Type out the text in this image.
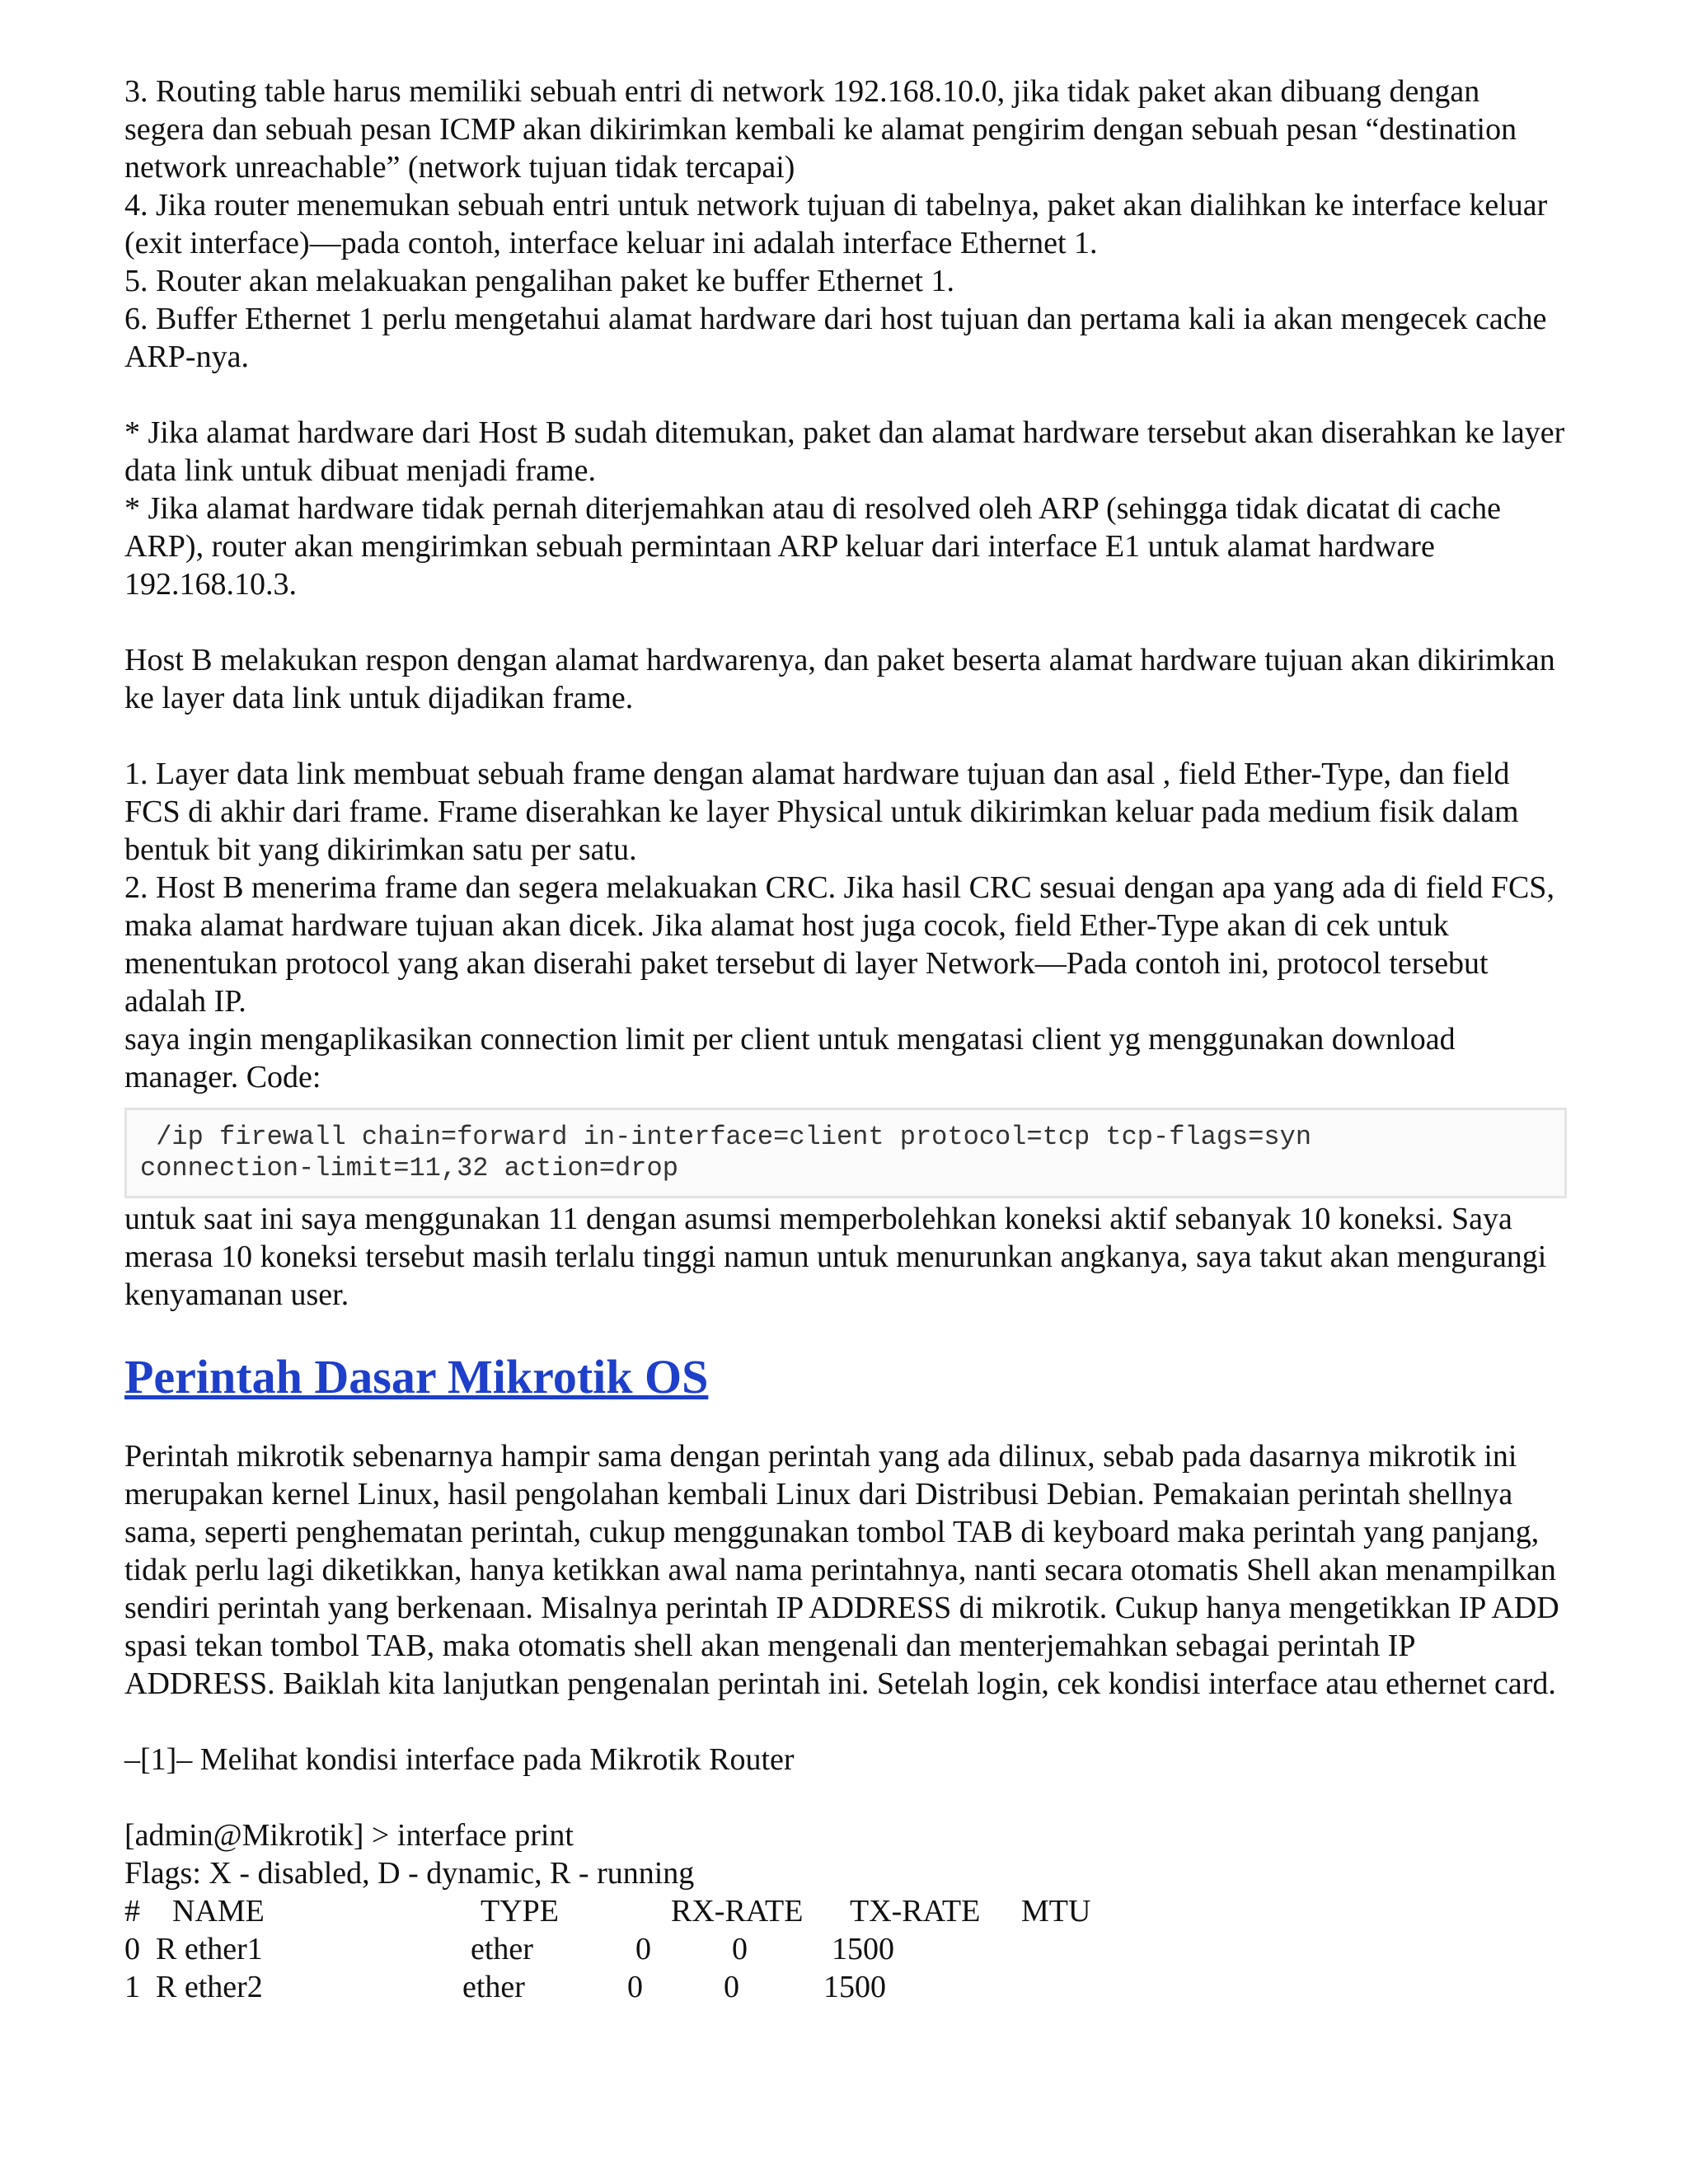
3. Routing table harus memiliki sebuah entri di network 192.168.10.0, jika tidak paket akan dibuang dengan segera dan sebuah pesan ICMP akan dikirimkan kembali ke alamat pengirim dengan sebuah pesan “destination network unreachable” (network tujuan tidak tercapai)
4. Jika router menemukan sebuah entri untuk network tujuan di tabelnya, paket akan dialihkan ke interface keluar (exit interface)—pada contoh, interface keluar ini adalah interface Ethernet 1.
5. Router akan melakuakan pengalihan paket ke buffer Ethernet 1.
6. Buffer Ethernet 1 perlu mengetahui alamat hardware dari host tujuan dan pertama kali ia akan mengecek cache ARP-nya.
* Jika alamat hardware dari Host B sudah ditemukan, paket dan alamat hardware tersebut akan diserahkan ke layer data link untuk dibuat menjadi frame.
* Jika alamat hardware tidak pernah diterjemahkan atau di resolved oleh ARP (sehingga tidak dicatat di cache ARP), router akan mengirimkan sebuah permintaan ARP keluar dari interface E1 untuk alamat hardware 192.168.10.3.
Host B melakukan respon dengan alamat hardwarenya, dan paket beserta alamat hardware tujuan akan dikirimkan ke layer data link untuk dijadikan frame.
1. Layer data link membuat sebuah frame dengan alamat hardware tujuan dan asal , field Ether-Type, dan field FCS di akhir dari frame. Frame diserahkan ke layer Physical untuk dikirimkan keluar pada medium fisik dalam bentuk bit yang dikirimkan satu per satu.
2. Host B menerima frame dan segera melakuakan CRC. Jika hasil CRC sesuai dengan apa yang ada di field FCS, maka alamat hardware tujuan akan dicek. Jika alamat host juga cocok, field Ether-Type akan di cek untuk menentukan protocol yang akan diserahi paket tersebut di layer Network—Pada contoh ini, protocol tersebut adalah IP.
saya ingin mengaplikasikan connection limit per client untuk mengatasi client yg menggunakan download manager. Code:
/ip firewall chain=forward in-interface=client protocol=tcp tcp-flags=syn
connection-limit=11,32 action=drop
untuk saat ini saya menggunakan 11 dengan asumsi memperbolehkan koneksi aktif sebanyak 10 koneksi. Saya merasa 10 koneksi tersebut masih terlalu tinggi namun untuk menurunkan angkanya, saya takut akan mengurangi kenyamanan user.
Perintah Dasar Mikrotik OS
Perintah mikrotik sebenarnya hampir sama dengan perintah yang ada dilinux, sebab pada dasarnya mikrotik ini merupakan kernel Linux, hasil pengolahan kembali Linux dari Distribusi Debian. Pemakaian perintah shellnya sama, seperti penghematan perintah, cukup menggunakan tombol TAB di keyboard maka perintah yang panjang, tidak perlu lagi diketikkan, hanya ketikkan awal nama perintahnya, nanti secara otomatis Shell akan menampilkan sendiri perintah yang berkenaan. Misalnya perintah IP ADDRESS di mikrotik. Cukup hanya mengetikkan IP ADD spasi tekan tombol TAB, maka otomatis shell akan mengenali dan menterjemahkan sebagai perintah IP ADDRESS. Baiklah kita lanjutkan pengenalan perintah ini. Setelah login, cek kondisi interface atau ethernet card.
–[1]– Melihat kondisi interface pada Mikrotik Router
[admin@Mikrotik] > interface print
Flags: X - disabled, D - dynamic, R - running
# NAME	TYPE	RX-RATE TX-RATE MTU
0 R ether1	ether	0	0	1500
1 R ether2	ether	0	0	1500
